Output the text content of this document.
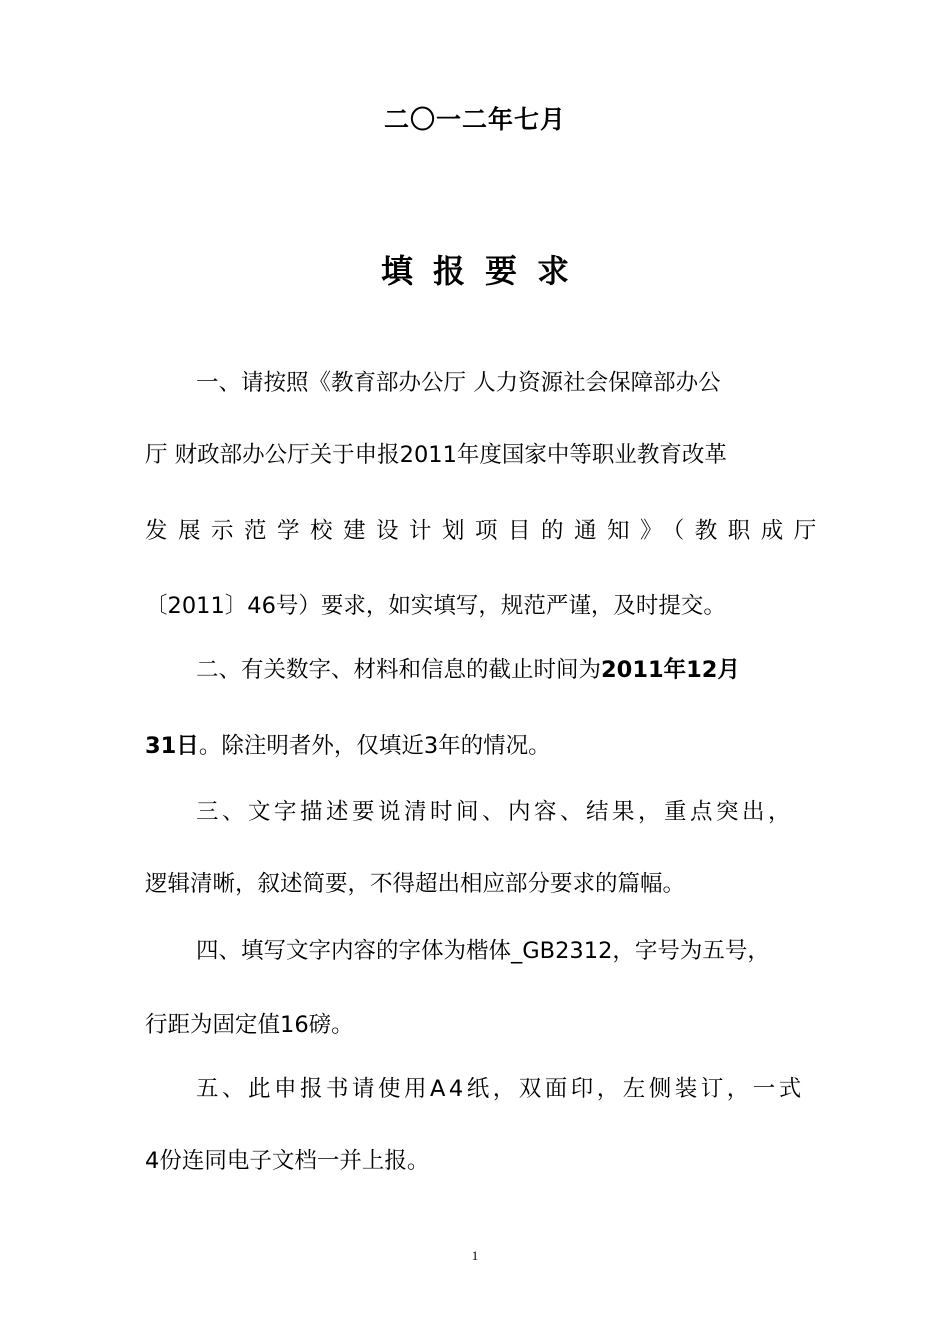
二〇一二年七月
填报要求
一、请按照《教育部办公厅 人力资源社会保障部办公
厅 财政部办公厅关于申报2011年度国家中等职业教育改革
发展示范学校建设计划项目的通知》（教职成厅
〔2011〕46号）要求，如实填写，规范严谨，及时提交。
二、有关数字、材料和信息的截止时间为2011年12月
31日。除注明者外，仅填近3年的情况。
三、文字描述要说清时间、内容、结果，重点突出，
逻辑清晰，叙述简要，不得超出相应部分要求的篇幅。
四、填写文字内容的字体为楷体_GB2312，字号为五号，
行距为固定值16磅。
五、此申报书请使用A4纸，双面印，左侧装订，一式
4份连同电子文档一并上报。
1
